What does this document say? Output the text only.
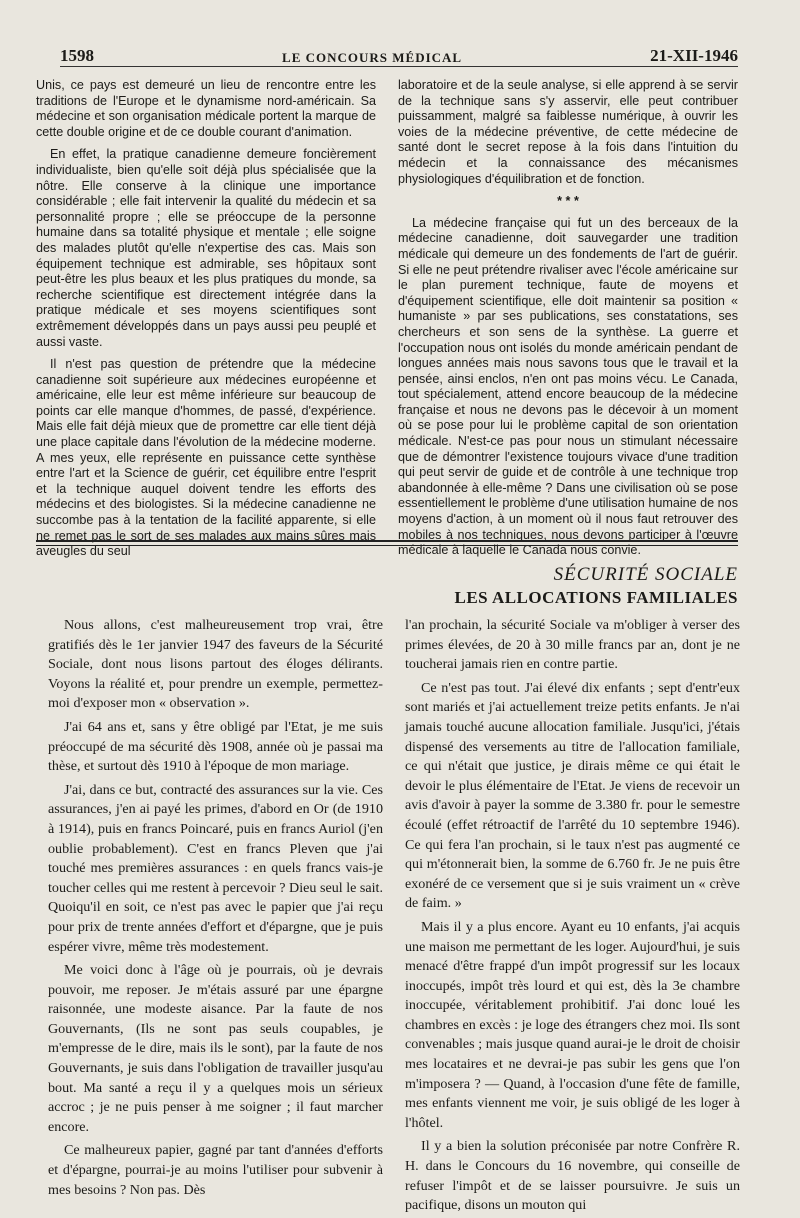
1598	LE CONCOURS MÉDICAL	21-XII-1946

Unis, ce pays est demeuré un lieu de rencontre entre les traditions de l'Europe et le dynamisme nord-américain. Sa médecine et son organisation médicale portent la marque de cette double origine et de ce double courant d'animation.

En effet, la pratique canadienne demeure foncièrement individualiste, bien qu'elle soit déjà plus spécialisée que la nôtre. Elle conserve à la clinique une importance considérable ; elle fait intervenir la qualité du médecin et sa personnalité propre ; elle se préoccupe de la personne humaine dans sa totalité physique et mentale ; elle soigne des malades plutôt qu'elle n'expertise des cas. Mais son équipement technique est admirable, ses hôpitaux sont peut-être les plus beaux et les plus pratiques du monde, sa recherche scientifique est directement intégrée dans la pratique médicale et ses moyens scientifiques sont extrêmement développés dans un pays aussi peu peuplé et aussi vaste.

Il n'est pas question de prétendre que la médecine canadienne soit supérieure aux médecines européenne et américaine, elle leur est même inférieure sur beaucoup de points car elle manque d'hommes, de passé, d'expérience. Mais elle fait déjà mieux que de promettre car elle tient déjà une place capitale dans l'évolution de la médecine moderne. A mes yeux, elle représente en puissance cette synthèse entre l'art et la Science de guérir, cet équilibre entre l'esprit et la technique auquel doivent tendre les efforts des médecins et des biologistes. Si la médecine canadienne ne succombe pas à la tentation de la facilité apparente, si elle ne remet pas le sort de ses malades aux mains sûres mais aveugles du seul

laboratoire et de la seule analyse, si elle apprend à se servir de la technique sans s'y asservir, elle peut contribuer puissamment, malgré sa faiblesse numérique, à ouvrir les voies de la médecine préventive, de cette médecine de santé dont le secret repose à la fois dans l'intuition du médecin et la connaissance des mécanismes physiologiques d'équilibration et de fonction.

* * *

La médecine française qui fut un des berceaux de la médecine canadienne, doit sauvegarder une tradition médicale qui demeure un des fondements de l'art de guérir. Si elle ne peut prétendre rivaliser avec l'école américaine sur le plan purement technique, faute de moyens et d'équipement scientifique, elle doit maintenir sa position « humaniste » par ses publications, ses constatations, ses chercheurs et son sens de la synthèse. La guerre et l'occupation nous ont isolés du monde américain pendant de longues années mais nous savons tous que le travail et la pensée, ainsi enclos, n'en ont pas moins vécu. Le Canada, tout spécialement, attend encore beaucoup de la médecine française et nous ne devons pas le décevoir à un moment où se pose pour lui le problème capital de son orientation médicale. N'est-ce pas pour nous un stimulant nécessaire que de démontrer l'existence toujours vivace d'une tradition qui peut servir de guide et de contrôle à une technique trop abandonnée à elle-même ? Dans une civilisation où se pose essentiellement le problème d'une utilisation humaine de nos moyens d'action, à un moment où il nous faut retrouver des mobiles à nos techniques, nous devons participer à l'œuvre médicale à laquelle le Canada nous convie.

SÉCURITÉ SOCIALE
LES ALLOCATIONS FAMILIALES

Nous allons, c'est malheureusement trop vrai, être gratifiés dès le 1er janvier 1947 des faveurs de la Sécurité Sociale, dont nous lisons partout des éloges délirants. Voyons la réalité et, pour prendre un exemple, permettez-moi d'exposer mon « observation ».

J'ai 64 ans et, sans y être obligé par l'Etat, je me suis préoccupé de ma sécurité dès 1908, année où je passai ma thèse, et surtout dès 1910 à l'époque de mon mariage.

J'ai, dans ce but, contracté des assurances sur la vie. Ces assurances, j'en ai payé les primes, d'abord en Or (de 1910 à 1914), puis en francs Poincaré, puis en francs Auriol (j'en oublie probablement). C'est en francs Pleven que j'ai touché mes premières assurances : en quels francs vais-je toucher celles qui me restent à percevoir ? Dieu seul le sait. Quoiqu'il en soit, ce n'est pas avec le papier que j'ai reçu pour prix de trente années d'effort et d'épargne, que je puis espérer vivre, même très modestement.

Me voici donc à l'âge où je pourrais, où je devrais pouvoir, me reposer. Je m'étais assuré par une épargne raisonnée, une modeste aisance. Par la faute de nos Gouvernants, (Ils ne sont pas seuls coupables, je m'empresse de le dire, mais ils le sont), par la faute de nos Gouvernants, je suis dans l'obligation de travailler jusqu'au bout. Ma santé a reçu il y a quelques mois un sérieux accroc ; je ne puis penser à me soigner ; il faut marcher encore.

Ce malheureux papier, gagné par tant d'années d'efforts et d'épargne, pourrai-je au moins l'utiliser pour subvenir à mes besoins ? Non pas. Dès

l'an prochain, la sécurité Sociale va m'obliger à verser des primes élevées, de 20 à 30 mille francs par an, dont je ne toucherai jamais rien en contre partie.

Ce n'est pas tout. J'ai élevé dix enfants ; sept d'entr'eux sont mariés et j'ai actuellement treize petits enfants. Je n'ai jamais touché aucune allocation familiale. Jusqu'ici, j'étais dispensé des versements au titre de l'allocation familiale, ce qui n'était que justice, je dirais même ce qui était le devoir le plus élémentaire de l'Etat. Je viens de recevoir un avis d'avoir à payer la somme de 3.380 fr. pour le semestre écoulé (effet rétroactif de l'arrêté du 10 septembre 1946). Ce qui fera l'an prochain, si le taux n'est pas augmenté ce qui m'étonnerait bien, la somme de 6.760 fr. Je ne puis être exonéré de ce versement que si je suis vraiment un « crève de faim. »

Mais il y a plus encore. Ayant eu 10 enfants, j'ai acquis une maison me permettant de les loger. Aujourd'hui, je suis menacé d'être frappé d'un impôt progressif sur les locaux inoccupés, impôt très lourd et qui est, dès la 3e chambre inoccupée, véritablement prohibitif. J'ai donc loué les chambres en excès : je loge des étrangers chez moi. Ils sont convenables ; mais jusque quand aurai-je le droit de choisir mes locataires et ne devrai-je pas subir les gens que l'on m'imposera ? — Quand, à l'occasion d'une fête de famille, mes enfants viennent me voir, je suis obligé de les loger à l'hôtel.

Il y a bien la solution préconisée par notre Confrère R. H. dans le Concours du 16 novembre, qui conseille de refuser l'impôt et de se laisser poursuivre. Je suis un pacifique, disons un mouton qui
